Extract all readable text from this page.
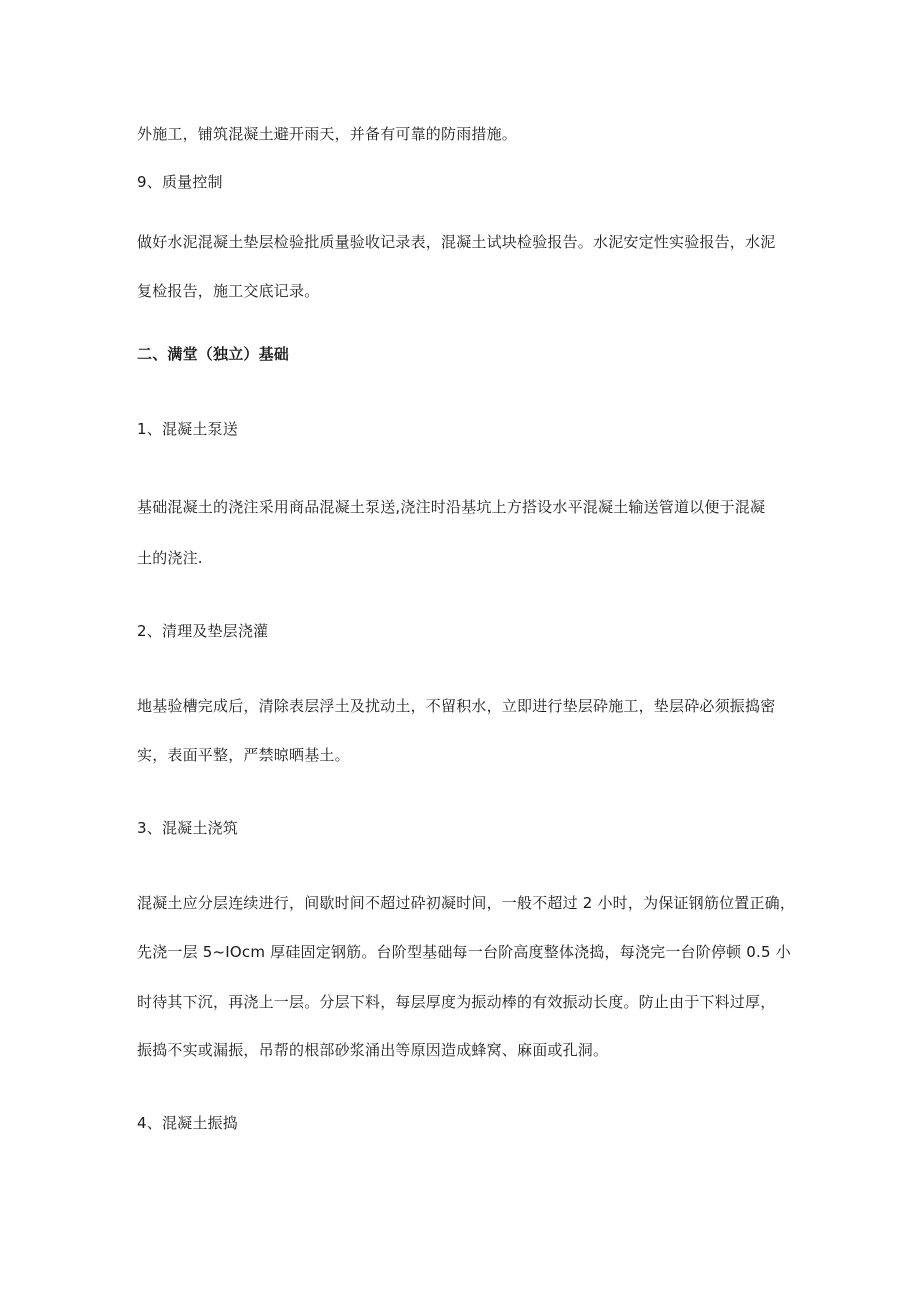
外施工，铺筑混凝土避开雨天，并备有可靠的防雨措施。

9、质量控制

做好水泥混凝土垫层检验批质量验收记录表，混凝土试块检验报告。水泥安定性实验报告，水泥

复检报告，施工交底记录。

二、满堂（独立）基础

1、混凝土泵送

基础混凝土的浇注采用商品混凝土泵送,浇注时沿基坑上方搭设水平混凝土输送管道以便于混凝

土的浇注.

2、清理及垫层浇灌

地基验槽完成后，清除表层浮土及扰动土，不留积水，立即进行垫层砕施工，垫层砕必须振捣密

实，表面平整，严禁晾晒基土。

3、混凝土浇筑

混凝土应分层连续进行，间歇时间不超过砕初凝时间，一般不超过 2 小时，为保证钢筋位置正确，

先浇一层 5~IOcm 厚硅固定钢筋。台阶型基础每一台阶高度整体浇捣，每浇完一台阶停顿 0.5 小

时待其下沉，再浇上一层。分层下料，每层厚度为振动棒的有效振动长度。防止由于下料过厚，

振捣不实或漏振，吊帮的根部砂浆涌出等原因造成蜂窝、麻面或孔洞。

4、混凝土振捣
